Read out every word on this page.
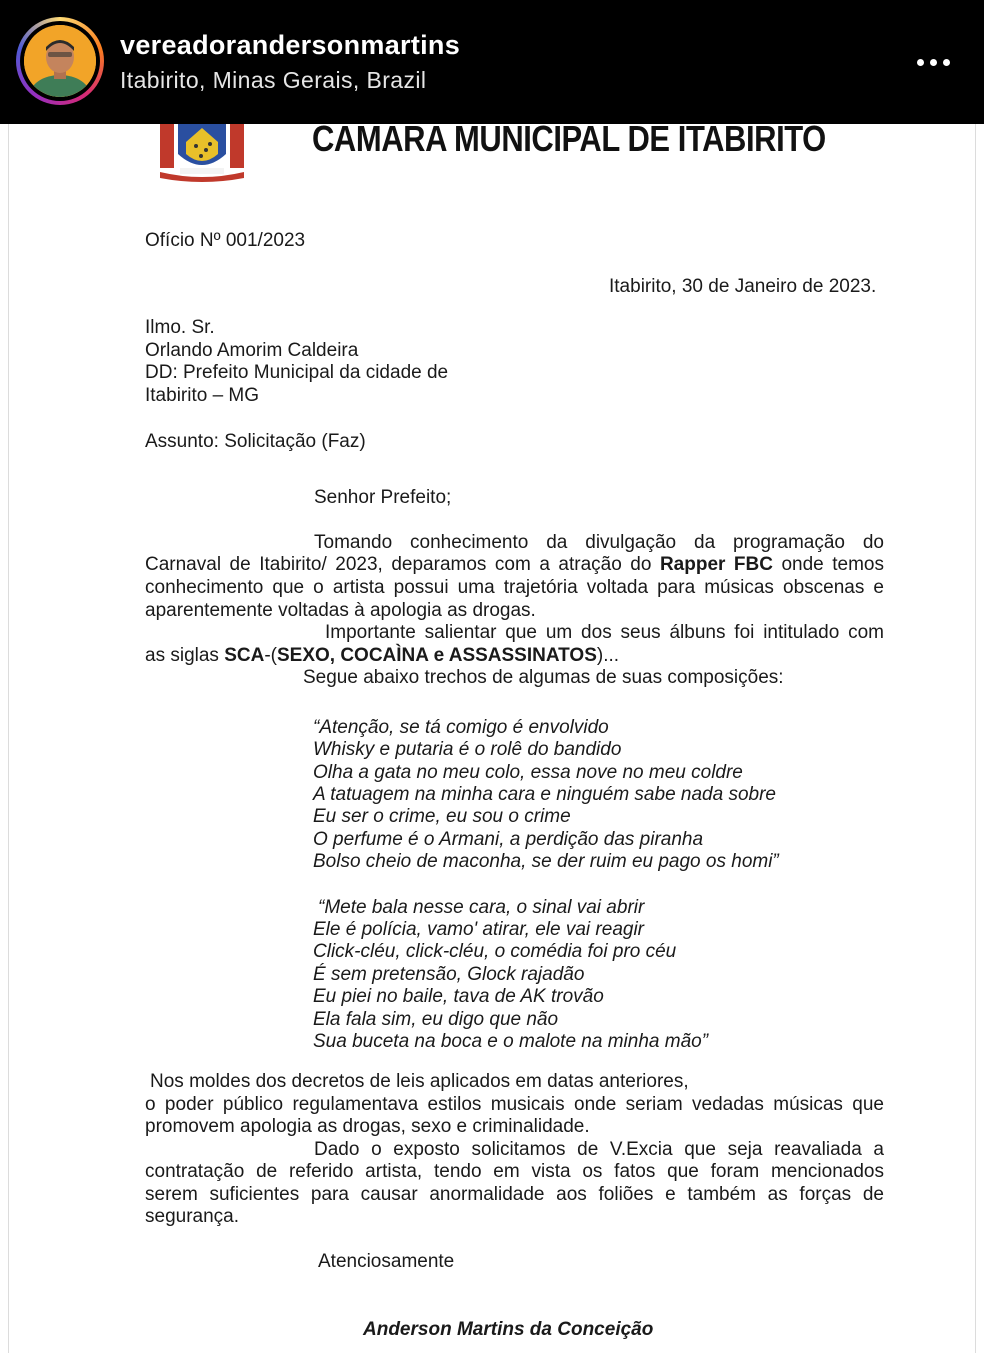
vereadorandersonmartins
Itabirito, Minas Gerais, Brazil
CAMARA MUNICIPAL DE ITABIRITO
Ofício Nº 001/2023
Itabirito, 30 de Janeiro de 2023.
Ilmo. Sr.
Orlando Amorim Caldeira
DD: Prefeito Municipal da cidade de
Itabirito – MG
Assunto: Solicitação (Faz)
Senhor Prefeito;
Tomando conhecimento da divulgação da programação do
Carnaval de Itabirito/ 2023, deparamos com a atração do Rapper FBC onde temos
conhecimento que o artista possui uma trajetória voltada para músicas obscenas e
aparentemente voltadas à apologia as drogas.
Importante salientar que um dos seus álbuns foi intitulado com
as siglas SCA-(SEXO, COCAÌNA e ASSASSINATOS)...
Segue abaixo trechos de algumas de suas composições:
“Atenção, se tá comigo é envolvido
Whisky e putaria é o rolê do bandido
Olha a gata no meu colo, essa nove no meu coldre
A tatuagem na minha cara e ninguém sabe nada sobre
Eu ser o crime, eu sou o crime
O perfume é o Armani, a perdição das piranha
Bolso cheio de maconha, se der ruim eu pago os homi”
“Mete bala nesse cara, o sinal vai abrir
Ele é polícia, vamo' atirar, ele vai reagir
Click-cléu, click-cléu, o comédia foi pro céu
É sem pretensão, Glock rajadão
Eu piei no baile, tava de AK trovão
Ela fala sim, eu digo que não
Sua buceta na boca e o malote na minha mão”
Nos moldes dos decretos de leis aplicados em datas anteriores,
o poder público regulamentava estilos musicais onde seriam vedadas músicas que
promovem apologia as drogas, sexo e criminalidade.
Dado o exposto solicitamos de V.Excia que seja reavaliada a
contratação de referido artista, tendo em vista os fatos que foram mencionados
serem suficientes para causar anormalidade aos foliões e também as forças de
segurança.
Atenciosamente
Anderson Martins da Conceição
